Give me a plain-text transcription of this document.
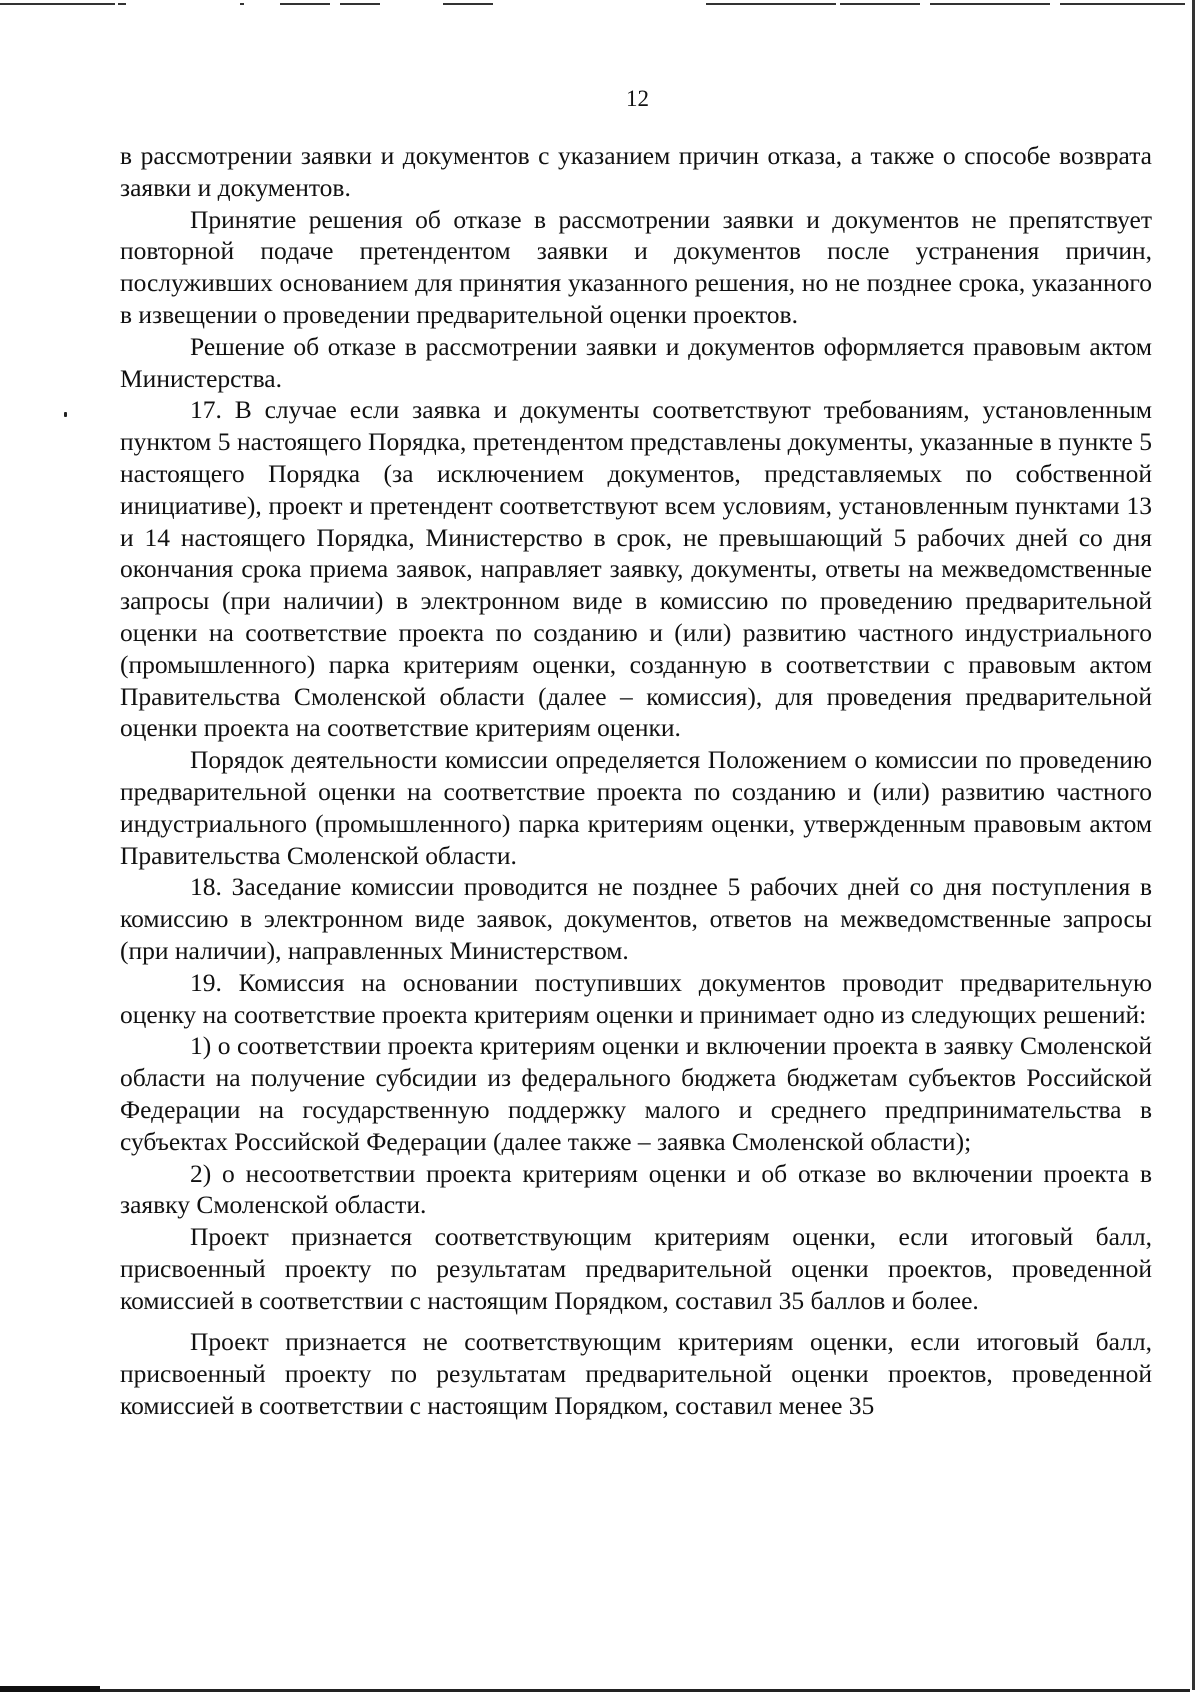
12

в рассмотрении заявки и документов с указанием причин отказа, а также о способе возврата заявки и документов.

Принятие решения об отказе в рассмотрении заявки и документов не препятствует повторной подаче претендентом заявки и документов после устранения причин, послуживших основанием для принятия указанного решения, но не позднее срока, указанного в извещении о проведении предварительной оценки проектов.

Решение об отказе в рассмотрении заявки и документов оформляется правовым актом Министерства.

17. В случае если заявка и документы соответствуют требованиям, установленным пунктом 5 настоящего Порядка, претендентом представлены документы, указанные в пункте 5 настоящего Порядка (за исключением документов, представляемых по собственной инициативе), проект и претендент соответствуют всем условиям, установленным пунктами 13 и 14 настоящего Порядка, Министерство в срок, не превышающий 5 рабочих дней со дня окончания срока приема заявок, направляет заявку, документы, ответы на межведомственные запросы (при наличии) в электронном виде в комиссию по проведению предварительной оценки на соответствие проекта по созданию и (или) развитию частного индустриального (промышленного) парка критериям оценки, созданную в соответствии с правовым актом Правительства Смоленской области (далее – комиссия), для проведения предварительной оценки проекта на соответствие критериям оценки.

Порядок деятельности комиссии определяется Положением о комиссии по проведению предварительной оценки на соответствие проекта по созданию и (или) развитию частного индустриального (промышленного) парка критериям оценки, утвержденным правовым актом Правительства Смоленской области.

18. Заседание комиссии проводится не позднее 5 рабочих дней со дня поступления в комиссию в электронном виде заявок, документов, ответов на межведомственные запросы (при наличии), направленных Министерством.

19. Комиссия на основании поступивших документов проводит предварительную оценку на соответствие проекта критериям оценки и принимает одно из следующих решений:

1) о соответствии проекта критериям оценки и включении проекта в заявку Смоленской области на получение субсидии из федерального бюджета бюджетам субъектов Российской Федерации на государственную поддержку малого и среднего предпринимательства в субъектах Российской Федерации (далее также – заявка Смоленской области);

2) о несоответствии проекта критериям оценки и об отказе во включении проекта в заявку Смоленской области.

Проект признается соответствующим критериям оценки, если итоговый балл, присвоенный проекту по результатам предварительной оценки проектов, проведенной комиссией в соответствии с настоящим Порядком, составил 35 баллов и более.

Проект признается не соответствующим критериям оценки, если итоговый балл, присвоенный проекту по результатам предварительной оценки проектов, проведенной комиссией в соответствии с настоящим Порядком, составил менее 35
